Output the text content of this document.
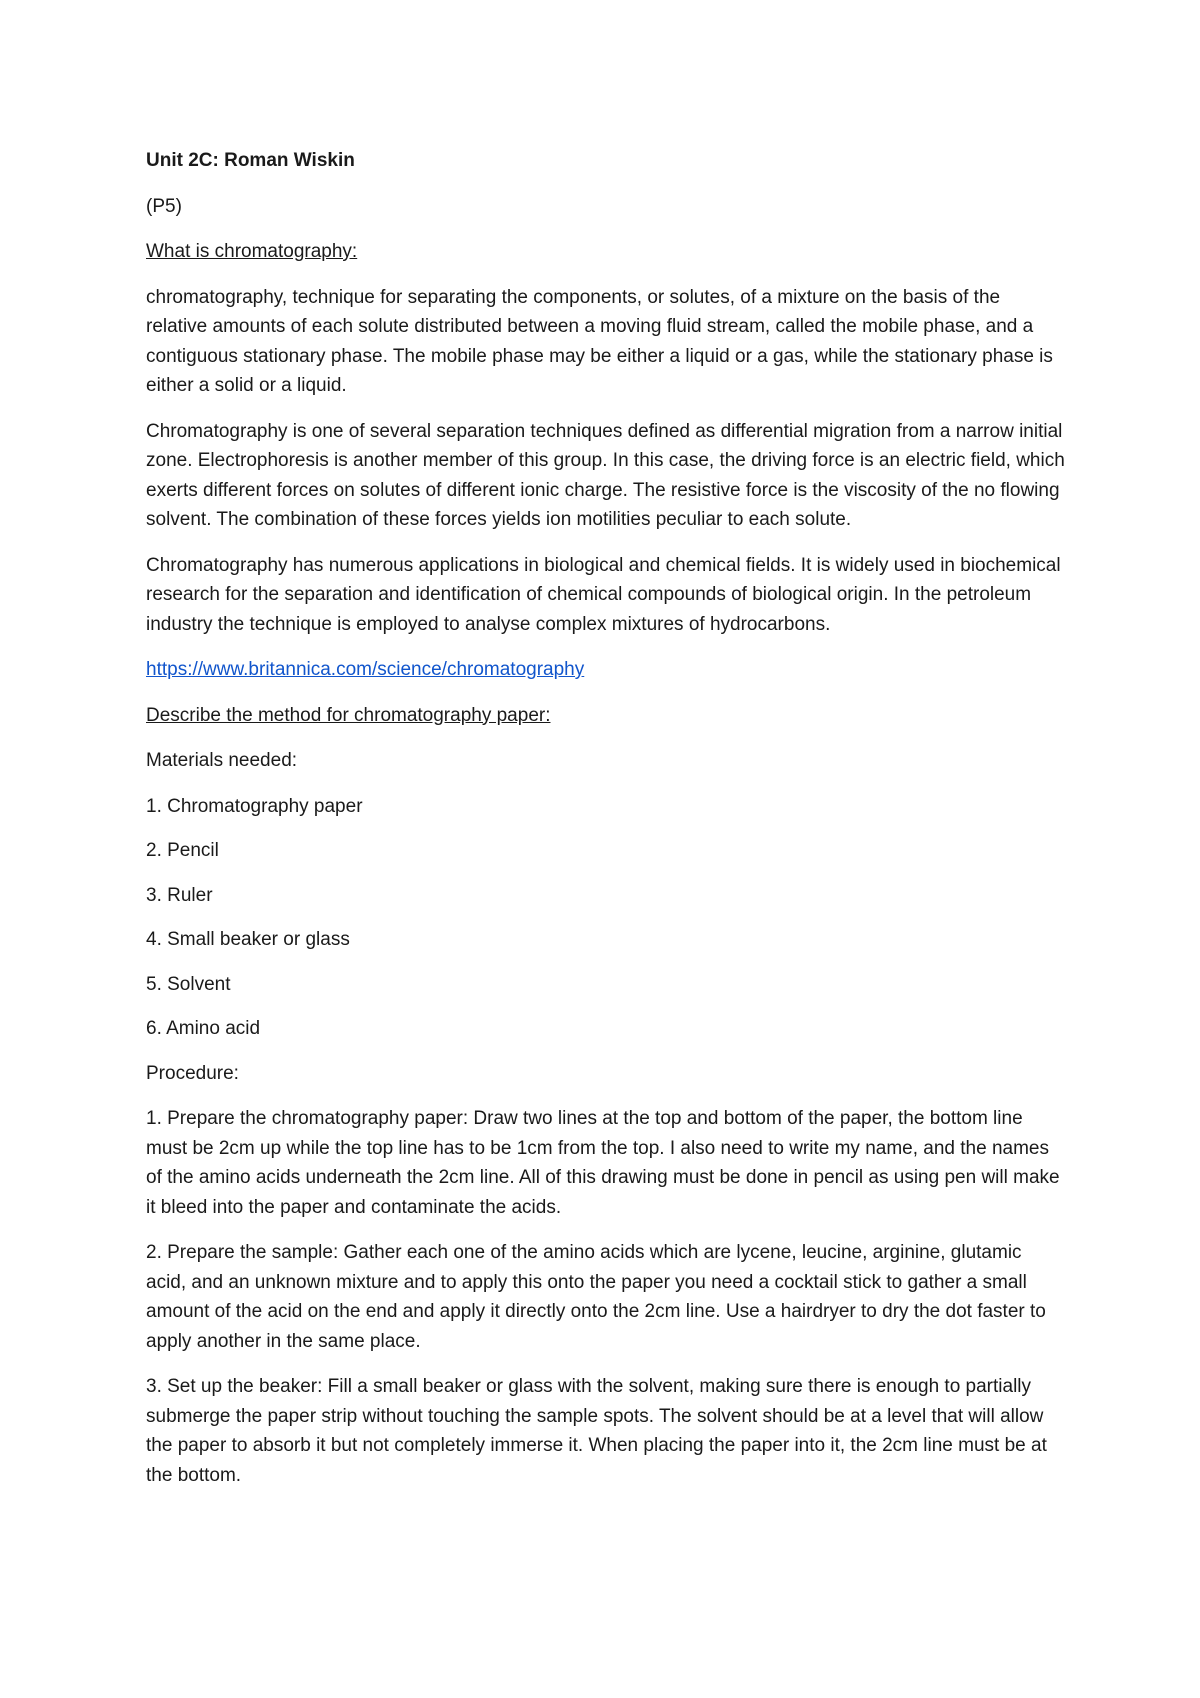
Unit 2C: Roman Wiskin

(P5)

What is chromatography:

chromatography, technique for separating the components, or solutes, of a mixture on the basis of the relative amounts of each solute distributed between a moving fluid stream, called the mobile phase, and a contiguous stationary phase. The mobile phase may be either a liquid or a gas, while the stationary phase is either a solid or a liquid.

Chromatography is one of several separation techniques defined as differential migration from a narrow initial zone. Electrophoresis is another member of this group. In this case, the driving force is an electric field, which exerts different forces on solutes of different ionic charge. The resistive force is the viscosity of the no flowing solvent. The combination of these forces yields ion motilities peculiar to each solute.

Chromatography has numerous applications in biological and chemical fields. It is widely used in biochemical research for the separation and identification of chemical compounds of biological origin. In the petroleum industry the technique is employed to analyse complex mixtures of hydrocarbons.

https://www.britannica.com/science/chromatography

Describe the method for chromatography paper:

Materials needed:

1. Chromatography paper

2. Pencil

3. Ruler

4. Small beaker or glass

5. Solvent

6. Amino acid

Procedure:

1. Prepare the chromatography paper: Draw two lines at the top and bottom of the paper, the bottom line must be 2cm up while the top line has to be 1cm from the top. I also need to write my name, and the names of the amino acids underneath the 2cm line. All of this drawing must be done in pencil as using pen will make it bleed into the paper and contaminate the acids.

2. Prepare the sample: Gather each one of the amino acids which are lycene, leucine, arginine, glutamic acid, and an unknown mixture and to apply this onto the paper you need a cocktail stick to gather a small amount of the acid on the end and apply it directly onto the 2cm line. Use a hairdryer to dry the dot faster to apply another in the same place.

3. Set up the beaker: Fill a small beaker or glass with the solvent, making sure there is enough to partially submerge the paper strip without touching the sample spots. The solvent should be at a level that will allow the paper to absorb it but not completely immerse it. When placing the paper into it, the 2cm line must be at the bottom.
